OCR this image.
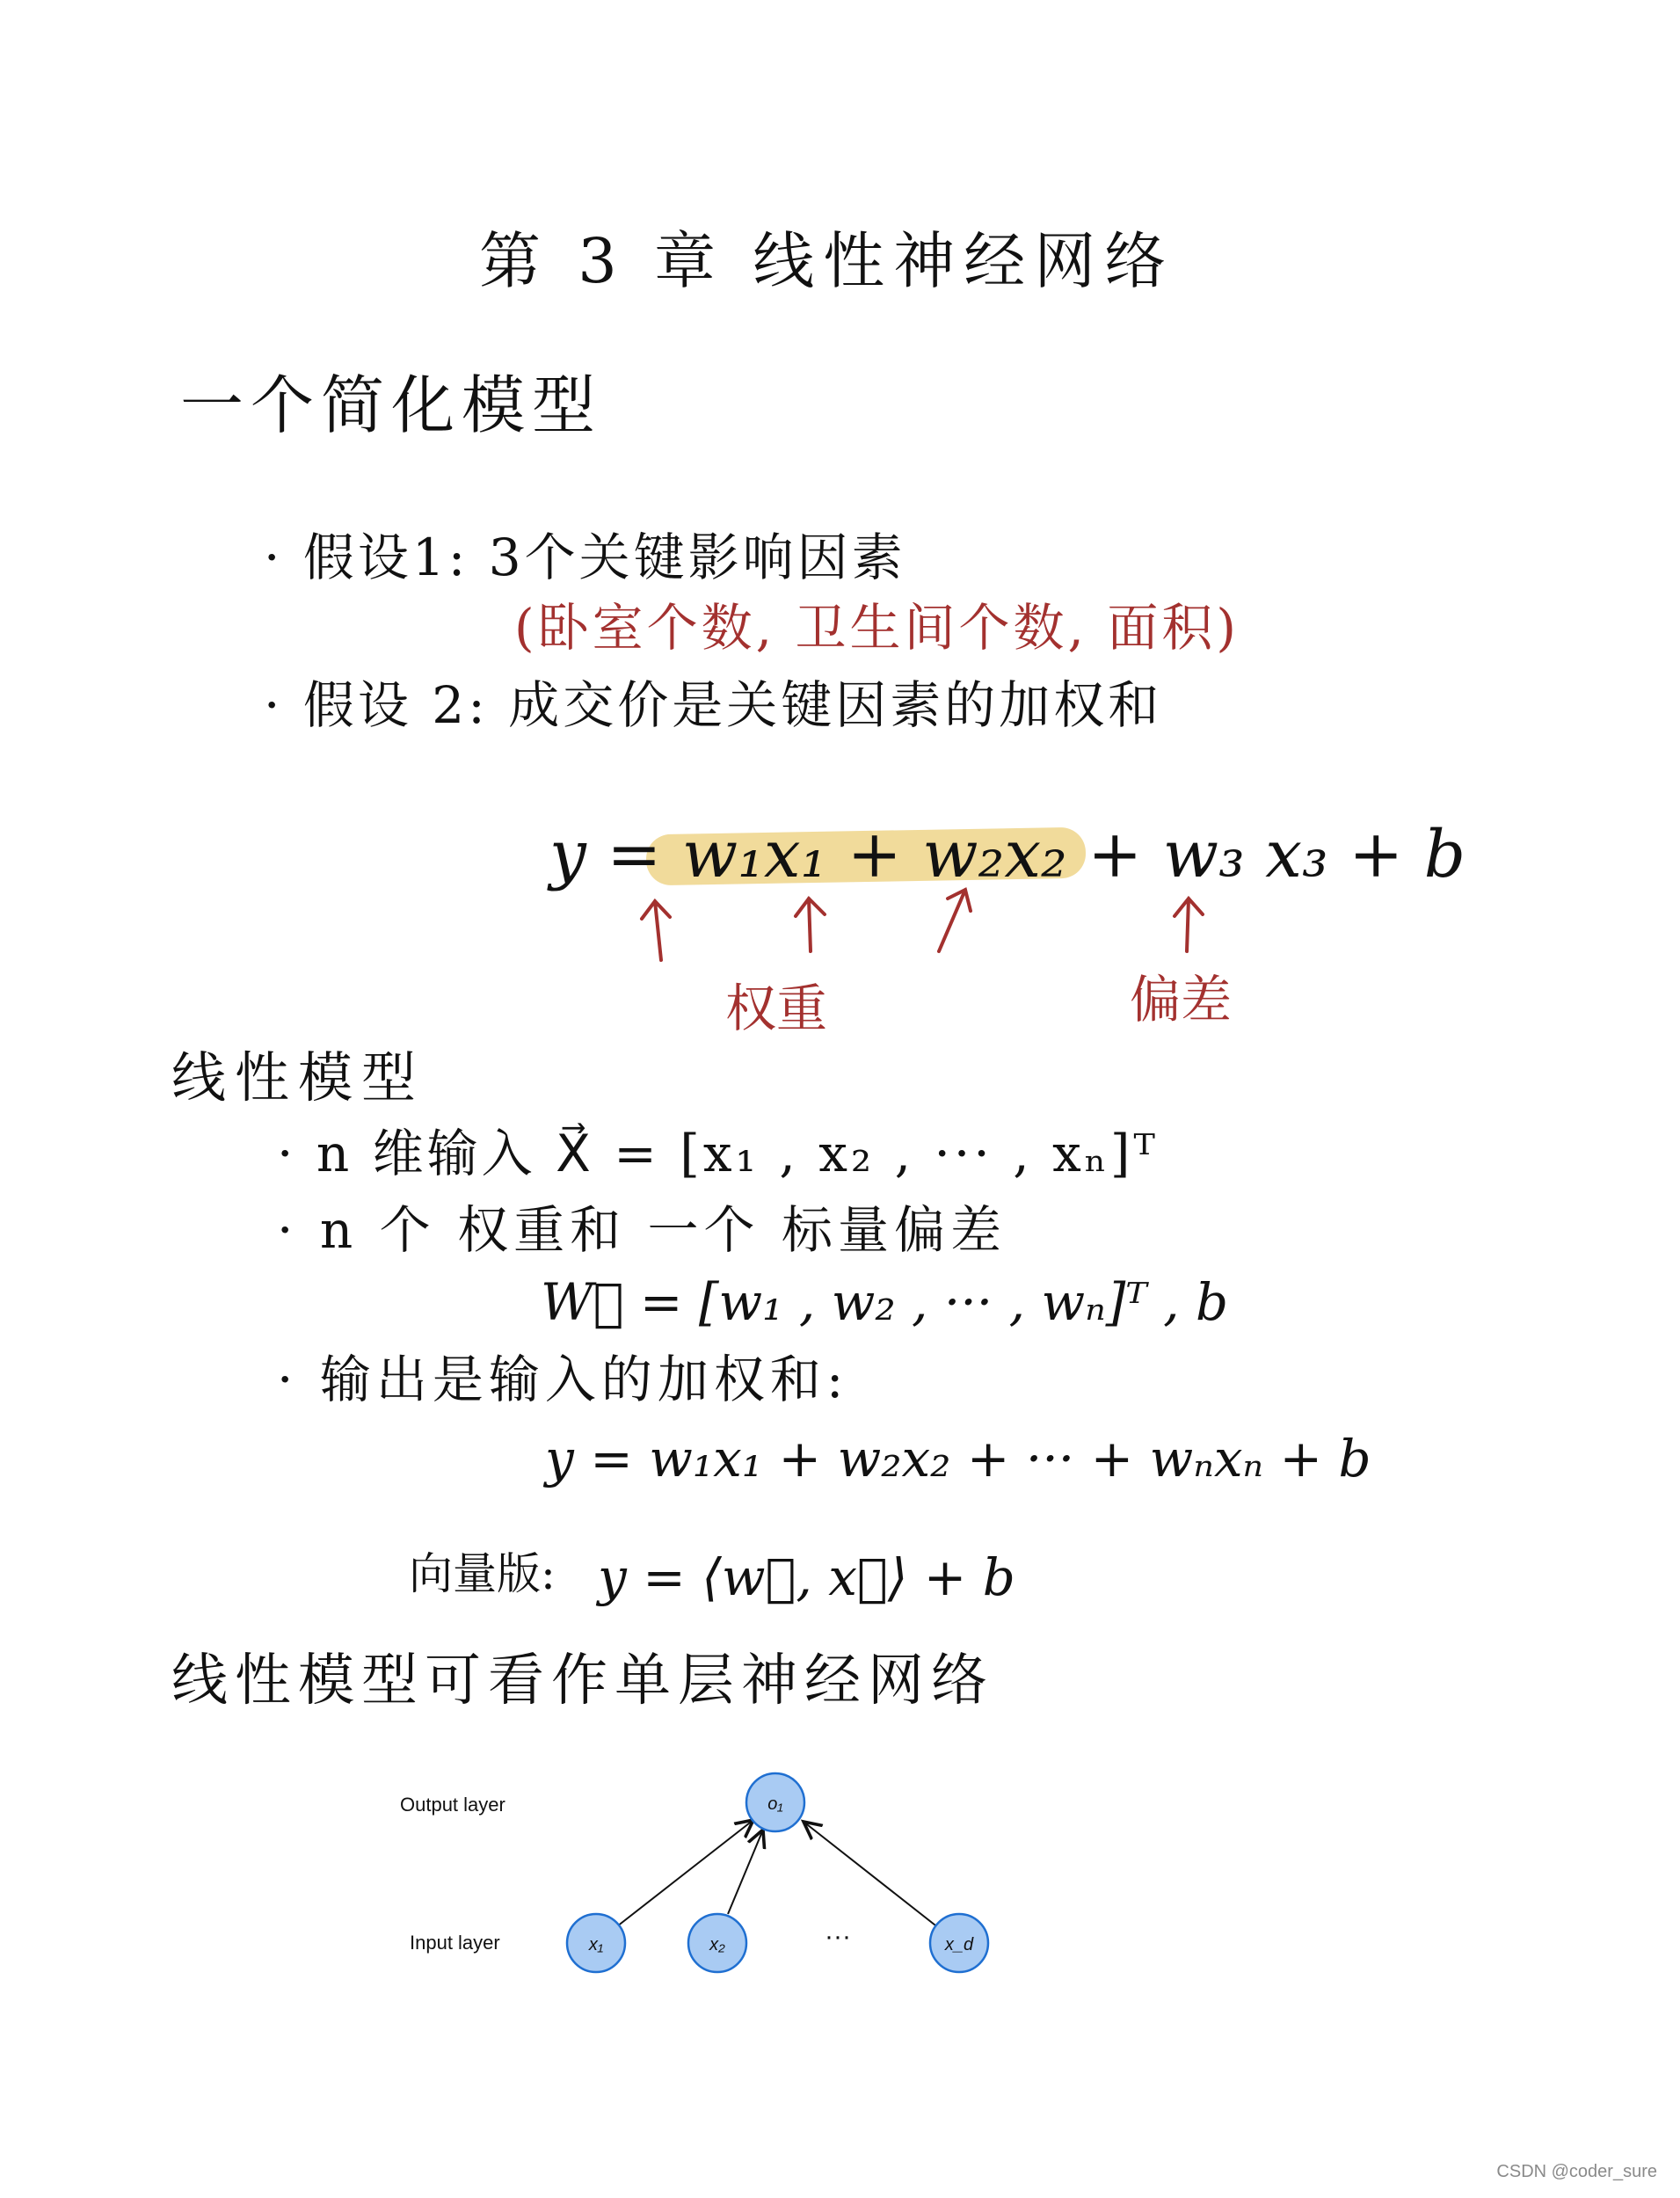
第 3 章 线性神经网络
一个简化模型
· 假设1: 3个关键影响因素
(卧室个数, 卫生间个数, 面积)
· 假设 2: 成交价是关键因素的加权和
y = w₁x₁ + w₂x₂ + w₃ x₃ + b
权重	偏差
线性模型
· n 维输入 X⃗ = [x₁ , x₂ , ··· , xₙ]ᵀ
· n 个 权重和 一个 标量偏差
W⃗ = [w₁ , w₂ , ··· , wₙ]ᵀ , b
· 输出是输入的加权和:
y = w₁x₁ + w₂x₂ + ··· + wₙxₙ + b
向量版: y = ⟨w⃗, x⃗⟩ + b
线性模型可看作单层神经网络
Output layer
Input layer
o₁
x₁	x₂	···	x_d
CSDN @coder_sure
